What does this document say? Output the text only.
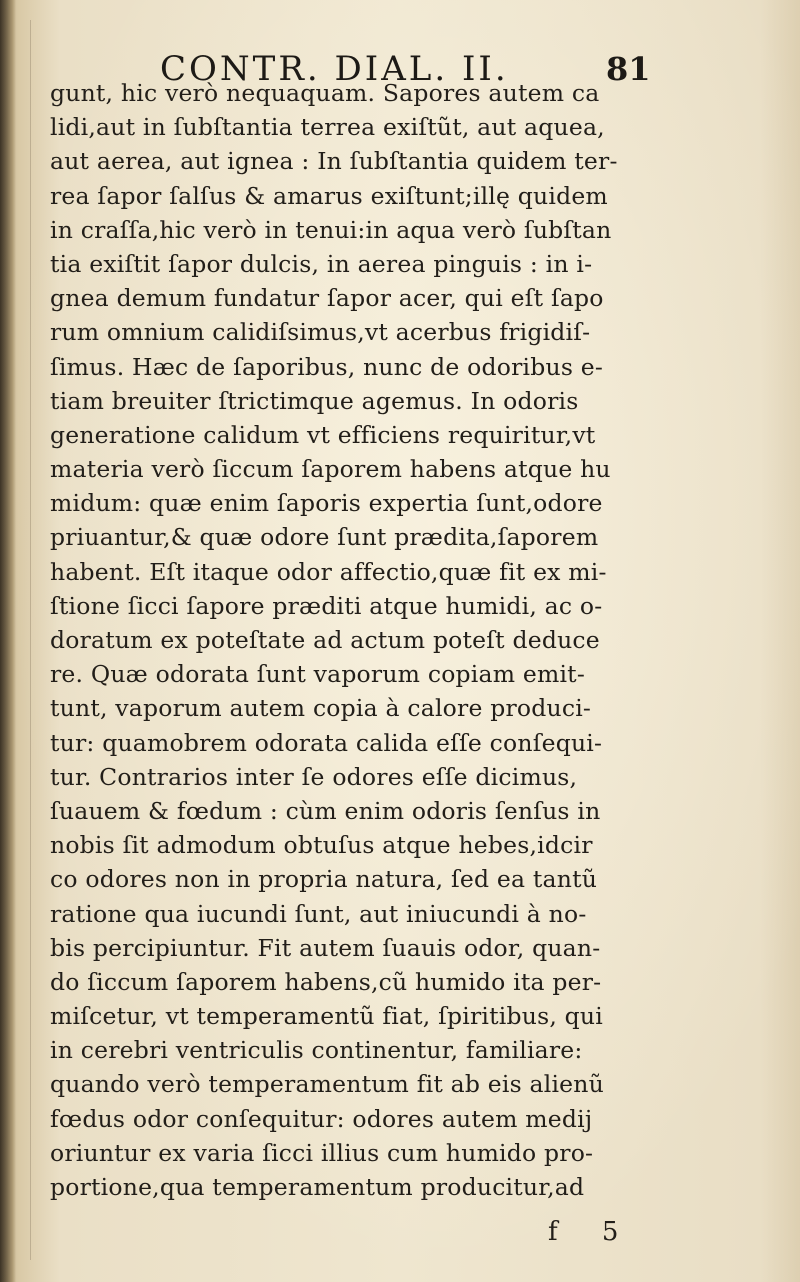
CONTR. DIAL. II.	81
gunt, hic verò nequaquam. Sapores autem ca
lidi,aut in ſubſtantia terrea exiſtũt, aut aquea,
aut aerea, aut ignea : In ſubſtantia quidem ter-
rea ſapor ſalſus & amarus exiſtunt;illę quidem
in craſſa,hic verò in tenui:in aqua verò ſubſtan
tia exiſtit ſapor dulcis, in aerea pinguis : in i-
gnea demum fundatur ſapor acer, qui eſt ſapo
rum omnium calidiſsimus,vt acerbus frigidiſ-
ſimus. Hæc de ſaporibus, nunc de odoribus e-
tiam breuiter ſtrictimque agemus. In odoris
generatione calidum vt efficiens requiritur,vt
materia verò ſiccum ſaporem habens atque hu
midum: quæ enim ſaporis expertia ſunt,odore
priuantur,& quæ odore ſunt prædita,ſaporem
habent. Eſt itaque odor affectio,quæ fit ex mi-
ſtione ſicci ſapore præditi atque humidi, ac o-
doratum ex poteſtate ad actum poteſt deduce
re. Quæ odorata ſunt vaporum copiam emit-
tunt, vaporum autem copia à calore produci-
tur: quamobrem odorata calida eſſe conſequi-
tur. Contrarios inter ſe odores eſſe dicimus,
ſuauem & fœdum : cùm enim odoris ſenſus in
nobis ſit admodum obtuſus atque hebes,idcir
co odores non in propria natura, ſed ea tantũ
ratione qua iucundi ſunt, aut iniucundi à no-
bis percipiuntur. Fit autem ſuauis odor, quan-
do ſiccum ſaporem habens,cũ humido ita per-
miſcetur, vt temperamentũ fiat, ſpiritibus, qui
in cerebri ventriculis continentur, familiare:
quando verò temperamentum fit ab eis alienũ
fœdus odor conſequitur: odores autem medij
oriuntur ex varia ſicci illius cum humido pro-
portione,qua temperamentum producitur,ad
f 5
